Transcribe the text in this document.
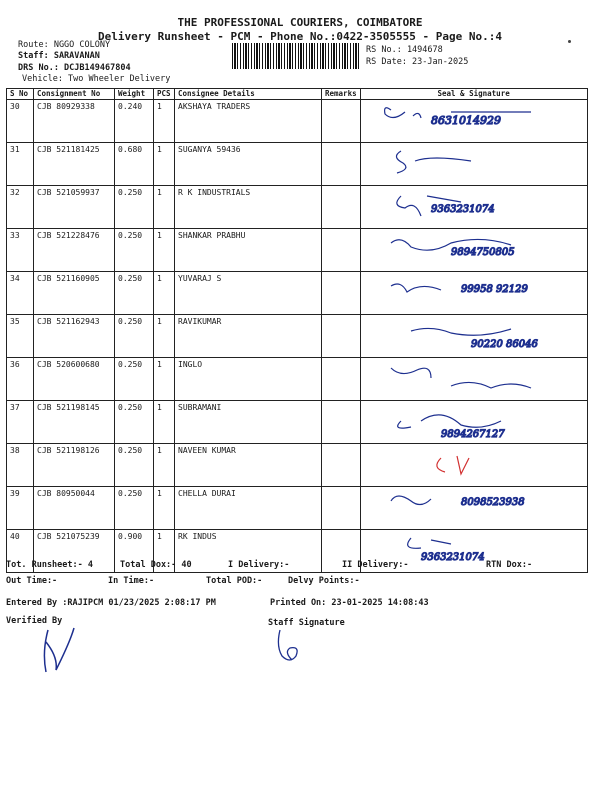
THE PROFESSIONAL COURIERS, COIMBATORE
Delivery Runsheet - PCM - Phone No.:0422-3505555 - Page No.:4
Route: NGGO COLONY
Staff: SARAVANAN
DRS No.: DCJB149467804
Vehicle: Two Wheeler Delivery
RS No.: 1494678
RS Date: 23-Jan-2025
S No	Consignment No	Weight	PCS	Consignee Details	Remarks	Seal & Signature
30	CJB 80929338	0.240	1	AKSHAYA TRADERS		8631014929

31	CJB 521181425	0.680	1	SUGANYA 59436		

32	CJB 521059937	0.250	1	R K INDUSTRIALS		9363231074

33	CJB 521228476	0.250	1	SHANKAR PRABHU		9894750805

34	CJB 521160905	0.250	1	YUVARAJ S		99958 92129

35	CJB 521162943	0.250	1	RAVIKUMAR		90220 86046

36	CJB 520600680	0.250	1	INGLO		

37	CJB 521198145	0.250	1	SUBRAMANI		9894267127

38	CJB 521198126	0.250	1	NAVEEN KUMAR		

39	CJB 80950044	0.250	1	CHELLA DURAI		8098523938

40	CJB 521075239	0.900	1	RK INDUS		9363231074
Tot. Runsheet:- 4	Total Dox:- 40	I Delivery:-	II Delivery:-	RTN Dox:-
Out Time:-	In Time:-	Total POD:-	Delvy Points:-
Entered By :RAJIPCM 01/23/2025 2:08:17 PM	Printed On: 23-01-2025 14:08:43
Verified By	Staff Signature
